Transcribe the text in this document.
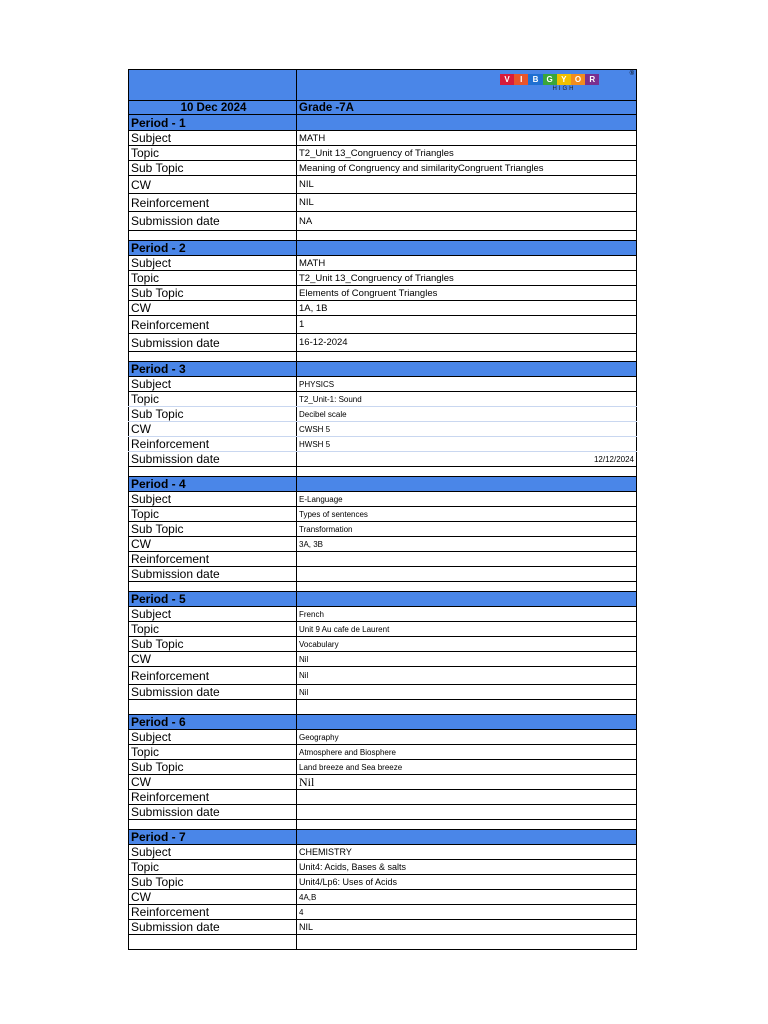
V	I	B	G	Y	O	R
HIGH
®
10 Dec 2024	Grade -7A
Period - 1
Subject	MATH
Topic	T2_Unit 13_Congruency of Triangles
Sub Topic	Meaning of Congruency and similarityCongruent Triangles
CW	NIL
Reinforcement	NIL
Submission date	NA
Period - 2
Subject	MATH
Topic	T2_Unit 13_Congruency of Triangles
Sub Topic	Elements of Congruent Triangles
CW	1A, 1B
Reinforcement	1
Submission date	16-12-2024
Period - 3
Subject	PHYSICS
Topic	T2_Unit-1: Sound
Sub Topic	Decibel scale
CW	CWSH 5
Reinforcement	HWSH 5
Submission date	12/12/2024
Period - 4
Subject	E-Language
Topic	Types of sentences
Sub Topic	Transformation
CW	3A, 3B
Reinforcement
Submission date
Period - 5
Subject	French
Topic	Unit 9 Au cafe de Laurent
Sub Topic	Vocabulary
CW	Nil
Reinforcement	Nil
Submission date	Nil
Period - 6
Subject	Geography
Topic	Atmosphere and Biosphere
Sub Topic	Land breeze and Sea breeze
CW	Nil
Reinforcement
Submission date
Period - 7
Subject	CHEMISTRY
Topic	Unit4: Acids, Bases & salts
Sub Topic	Unit4/Lp6: Uses of Acids
CW	4A,B
Reinforcement	4
Submission date	NIL
